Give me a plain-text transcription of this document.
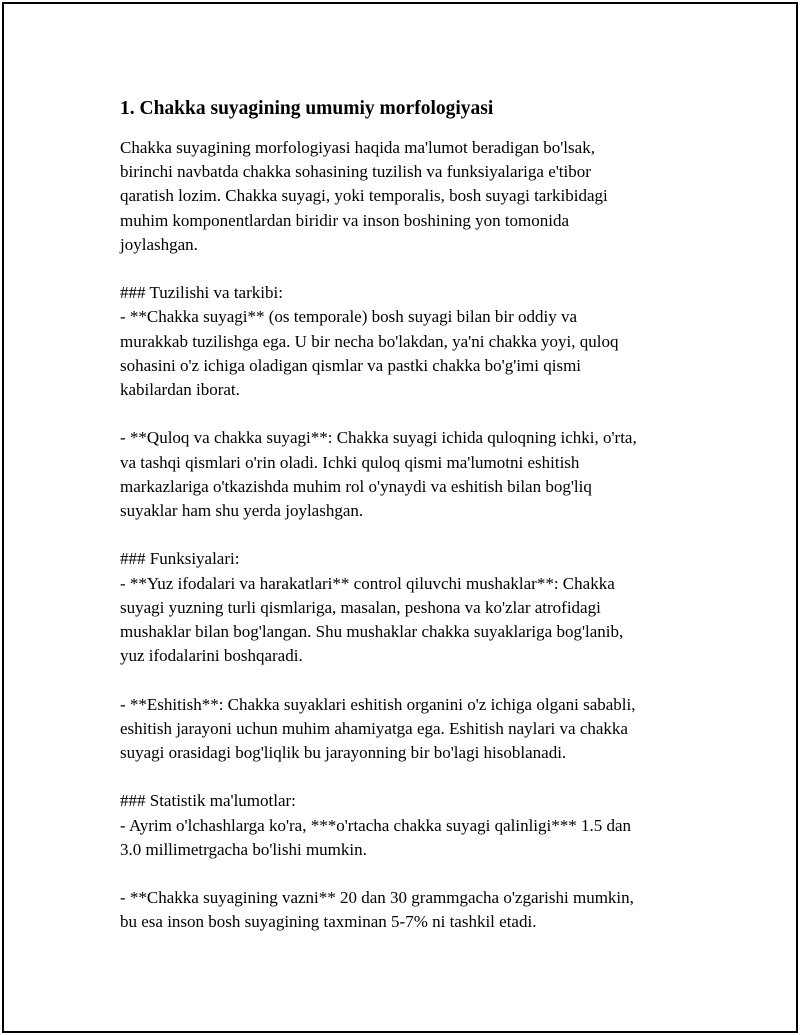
1. Chakka suyagining umumiy morfologiyasi

Chakka suyagining morfologiyasi haqida ma'lumot beradigan bo'lsak,
birinchi navbatda chakka sohasining tuzilish va funksiyalariga e'tibor
qaratish lozim. Chakka suyagi, yoki temporalis, bosh suyagi tarkibidagi
muhim komponentlardan biridir va inson boshining yon tomonida
joylashgan.

### Tuzilishi va tarkibi:

- **Chakka suyagi** (os temporale) bosh suyagi bilan bir oddiy va
murakkab tuzilishga ega. U bir necha bo'lakdan, ya'ni chakka yoyi, quloq
sohasini o'z ichiga oladigan qismlar va pastki chakka bo'g'imi qismi
kabilardan iborat.

- **Quloq va chakka suyagi**: Chakka suyagi ichida quloqning ichki, o'rta,
va tashqi qismlari o'rin oladi. Ichki quloq qismi ma'lumotni eshitish
markazlariga o'tkazishda muhim rol o'ynaydi va eshitish bilan bog'liq
suyaklar ham shu yerda joylashgan.

### Funksiyalari:

- **Yuz ifodalari va harakatlari** control qiluvchi mushaklar**: Chakka
suyagi yuzning turli qismlariga, masalan, peshona va ko'zlar atrofidagi
mushaklar bilan bog'langan. Shu mushaklar chakka suyaklariga bog'lanib,
yuz ifodalarini boshqaradi.

- **Eshitish**: Chakka suyaklari eshitish organini o'z ichiga olgani sababli,
eshitish jarayoni uchun muhim ahamiyatga ega. Eshitish naylari va chakka
suyagi orasidagi bog'liqlik bu jarayonning bir bo'lagi hisoblanadi.

### Statistik ma'lumotlar:

- Ayrim o'lchashlarga ko'ra, ***o'rtacha chakka suyagi qalinligi*** 1.5 dan
3.0 millimetrgacha bo'lishi mumkin.

- **Chakka suyagining vazni** 20 dan 30 grammgacha o'zgarishi mumkin,
bu esa inson bosh suyagining taxminan 5-7% ni tashkil etadi.
